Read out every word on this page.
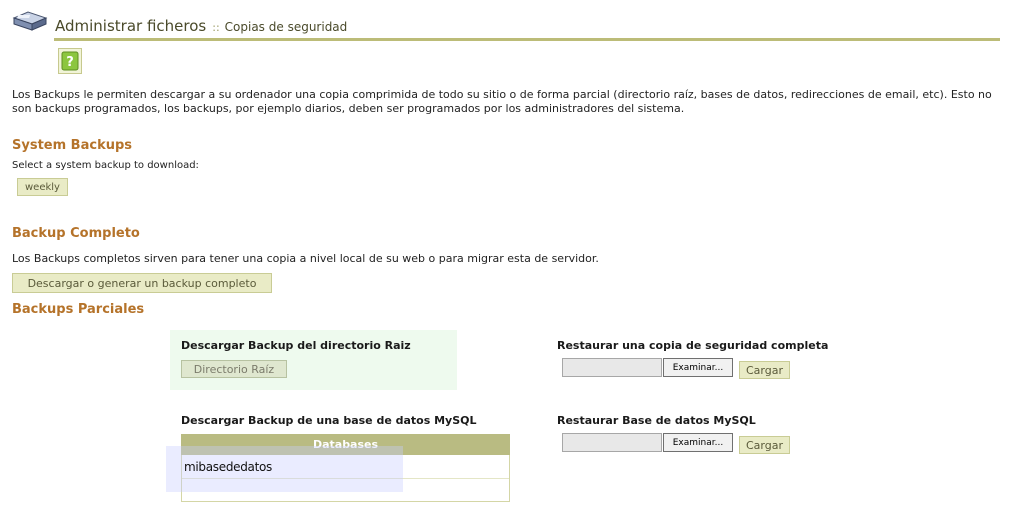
Administrar ficheros :: Copias de seguridad
?
Los Backups le permiten descargar a su ordenador una copia comprimida de todo su sitio o de forma parcial (directorio raíz, bases de datos, redirecciones de email, etc). Esto no son backups programados, los backups, por ejemplo diarios, deben ser programados por los administradores del sistema.
System Backups
Select a system backup to download:
weekly
Backup Completo
Los Backups completos sirven para tener una copia a nivel local de su web o para migrar esta de servidor.
Descargar o generar un backup completo
Backups Parciales
Descargar Backup del directorio Raiz
Directorio Raíz
Restaurar una copia de seguridad completa
Examinar...	Cargar
Descargar Backup de una base de datos MySQL
Databases
mibasededatos
Restaurar Base de datos MySQL
Examinar...	Cargar
